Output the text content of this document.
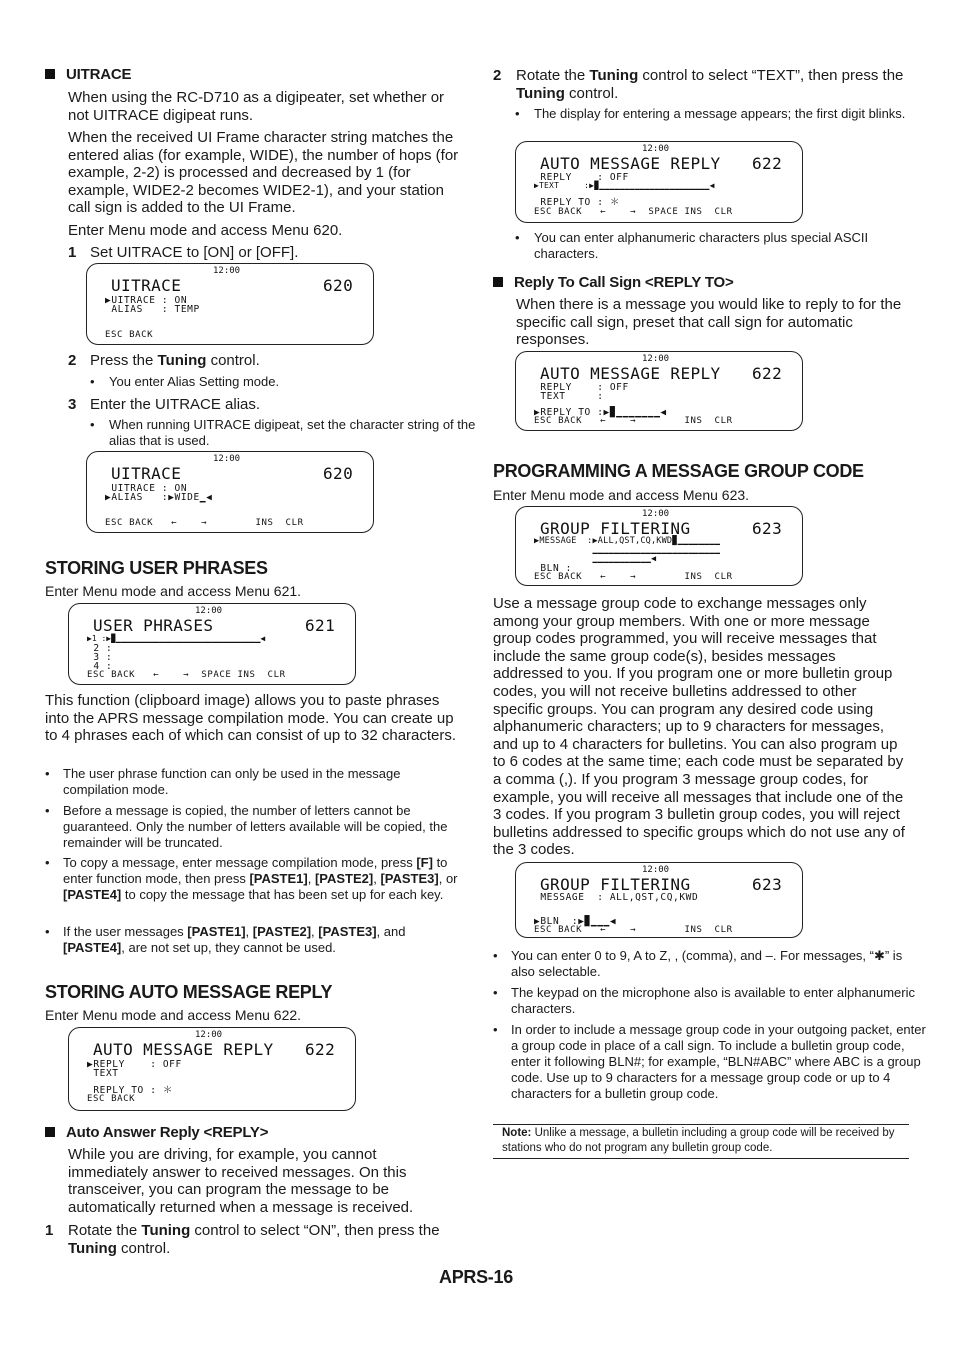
UITRACE
When using the RC-D710 as a digipeater, set whether or not UITRACE digipeat runs.
When the received UI Frame character string matches the entered alias (for example, WIDE), the number of hops (for example, 2-2) is processed and decreased by 1 (for example, WIDE2-2 becomes WIDE2-1), and your station call sign is added to the UI Frame.
Enter Menu mode and access Menu 620.
1 Set UITRACE to [ON] or [OFF].
12:00
UITRACE	620
▶UITRACE : ON
ALIAS   : TEMP
ESC BACK
2 Press the Tuning control.
• You enter Alias Setting mode.
3 Enter the UITRACE alias.
• When running UITRACE digipeat, set the character string of the alias that is used.
12:00
UITRACE	620
UITRACE : ON
▶ALIAS   :▶WIDE▁◀
ESC BACK   ←    →        INS  CLR
STORING USER PHRASES
Enter Menu mode and access Menu 621.
12:00
USER PHRASES	621
▶1 :▶▉▁▁▁▁▁▁▁▁▁▁▁▁▁▁▁▁▁▁▁▁▁▁▁▁▁▁▁▁▁▁◀
2 :
3 :
4 :
ESC BACK   ←    →  SPACE INS  CLR
This function (clipboard image) allows you to paste phrases into the APRS message compilation mode. You can create up to 4 phrases each of which can consist of up to 32 characters.
• The user phrase function can only be used in the message compilation mode.
• Before a message is copied, the number of letters cannot be guaranteed. Only the number of letters available will be copied, the remainder will be truncated.
• To copy a message, enter message compilation mode, press [F] to enter function mode, then press [PASTE1], [PASTE2], [PASTE3], or [PASTE4] to copy the message that has been set up for each key.
• If the user messages [PASTE1], [PASTE2], [PASTE3], and [PASTE4], are not set up, they cannot be used.
STORING AUTO MESSAGE REPLY
Enter Menu mode and access Menu 622.
12:00
AUTO MESSAGE REPLY 622
▶REPLY    : OFF
TEXT
REPLY TO : ＊
ESC BACK
Auto Answer Reply <REPLY>
While you are driving, for example, you cannot immediately answer to received messages. On this transceiver, you can program the message to be automatically returned when a message is received.
1 Rotate the Tuning control to select “ON”, then press the Tuning control.
2 Rotate the Tuning control to select “TEXT”, then press the Tuning control.
• The display for entering a message appears; the first digit blinks.
12:00
AUTO MESSAGE REPLY 622
REPLY    : OFF
▶TEXT     :▶▉▁▁▁▁▁▁▁▁▁▁▁▁▁▁▁▁▁▁▁▁▁▁◀
REPLY TO : ＊
ESC BACK   ←    →  SPACE INS  CLR
• You can enter alphanumeric characters plus special ASCII characters.
Reply To Call Sign <REPLY TO>
When there is a message you would like to reply to for the specific call sign, preset that call sign for automatic responses.
12:00
AUTO MESSAGE REPLY 622
REPLY    : OFF
TEXT     :
▶REPLY TO :▶▉▁▁▁▁▁▁▁◀
ESC BACK   ←    →        INS  CLR
PROGRAMMING A MESSAGE GROUP CODE
Enter Menu mode and access Menu 623.
12:00
GROUP FILTERING	623
▶MESSAGE  :▶ALL,QST,CQ,KWD▉▁▁▁▁▁▁▁▁
▁▁▁▁▁▁▁▁▁▁▁▁▁▁▁▁▁▁▁▁▁▁▁▁
▁▁▁▁▁▁▁▁▁▁▁◀
BLN :
ESC BACK   ←    →        INS  CLR
Use a message group code to exchange messages only among your group members. With one or more message group codes programmed, you will receive messages that include the same group code(s), besides messages addressed to you. If you program one or more bulletin group codes, you will not receive bulletins addressed to other specific groups. You can program any desired code using alphanumeric characters; up to 9 characters for messages, and up to 4 characters for bulletins. You can also program up to 6 codes at the same time; each code must be separated by a comma (,). If you program 3 message group codes, for example, you will receive all messages that include one of the 3 codes. If you program 3 bulletin group codes, you will reject bulletins addressed to specific groups which do not use any of the 3 codes.
12:00
GROUP FILTERING	623
MESSAGE  : ALL,QST,CQ,KWD
▶BLN  :▶▉▁▁▁◀
ESC BACK   ←    →        INS  CLR
• You can enter 0 to 9, A to Z, , (comma), and –. For messages, “✱” is also selectable.
• The keypad on the microphone also is available to enter alphanumeric characters.
• In order to include a message group code in your outgoing packet, enter a group code in place of a call sign. To include a bulletin group code, enter it following BLN#; for example, “BLN#ABC” where ABC is a group code. Use up to 9 characters for a message group code or up to 4 characters for a bulletin group code.
Note: Unlike a message, a bulletin including a group code will be received by stations who do not program any bulletin group code.
APRS-16
